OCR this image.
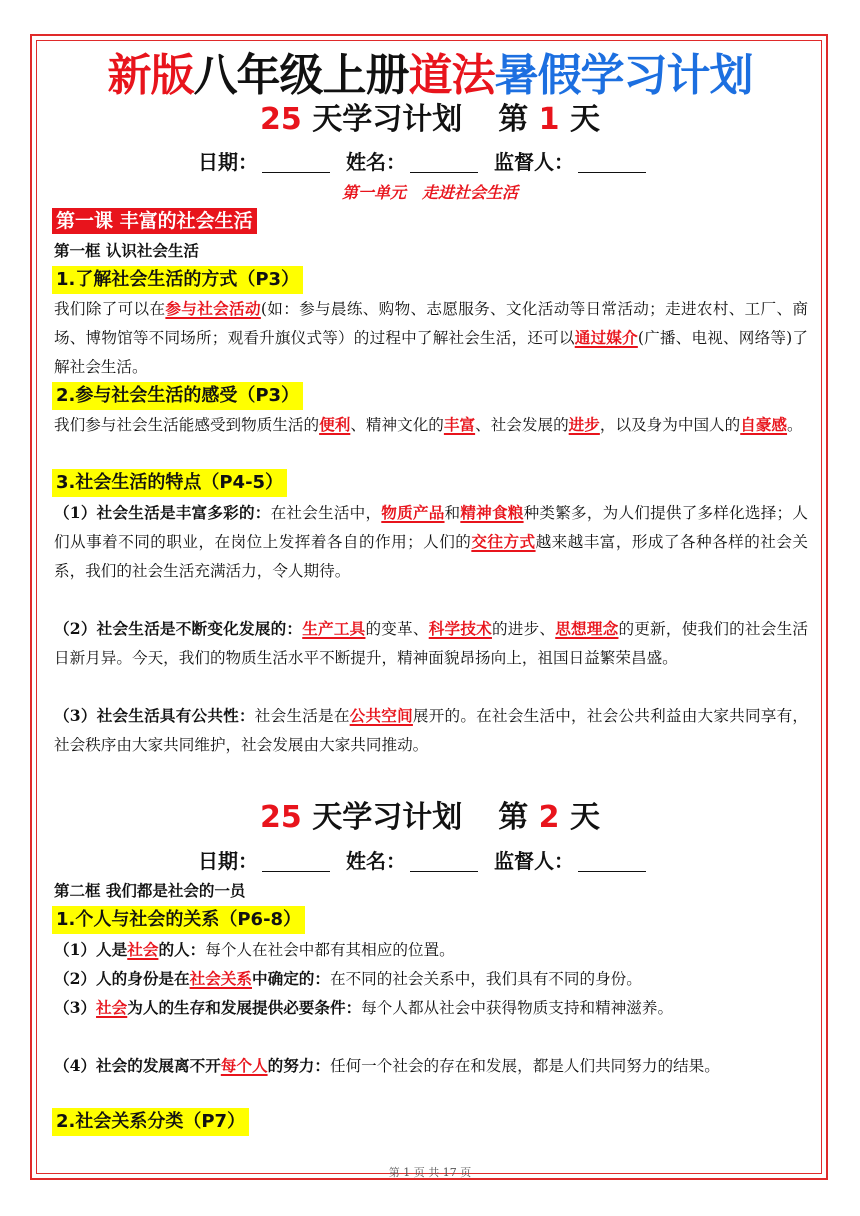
新版八年级上册道法暑假学习计划
25 天学习计划 第 1 天
日期：	姓名：	监督人：
第一单元　走进社会生活
第一课 丰富的社会生活
第一框 认识社会生活
1.了解社会生活的方式（P3）
我们除了可以在参与社会活动(如：参与晨练、购物、志愿服务、文化活动等日常活动；走进农村、工厂、商场、博物馆等不同场所；观看升旗仪式等）的过程中了解社会生活，还可以通过媒介(广播、电视、网络等)了解社会生活。
2.参与社会生活的感受（P3）
我们参与社会生活能感受到物质生活的便利、精神文化的丰富、社会发展的进步，以及身为中国人的自豪感。
3.社会生活的特点（P4-5）
（1）社会生活是丰富多彩的：在社会生活中，物质产品和精神食粮种类繁多，为人们提供了多样化选择；人们从事着不同的职业，在岗位上发挥着各自的作用；人们的交往方式越来越丰富，形成了各种各样的社会关系，我们的社会生活充满活力，令人期待。
（2）社会生活是不断变化发展的：生产工具的变革、科学技术的进步、思想理念的更新，使我们的社会生活日新月异。今天，我们的物质生活水平不断提升，精神面貌昂扬向上，祖国日益繁荣昌盛。
（3）社会生活具有公共性：社会生活是在公共空间展开的。在社会生活中，社会公共利益由大家共同享有，社会秩序由大家共同维护，社会发展由大家共同推动。
25 天学习计划 第 2 天
日期：	姓名：	监督人：
第二框 我们都是社会的一员
1.个人与社会的关系（P6-8）
（1）人是社会的人：每个人在社会中都有其相应的位置。
（2）人的身份是在社会关系中确定的：在不同的社会关系中，我们具有不同的身份。
（3）社会为人的生存和发展提供必要条件：每个人都从社会中获得物质支持和精神滋养。
（4）社会的发展离不开每个人的努力：任何一个社会的存在和发展，都是人们共同努力的结果。
2.社会关系分类（P7）
第 1 页 共 17 页
